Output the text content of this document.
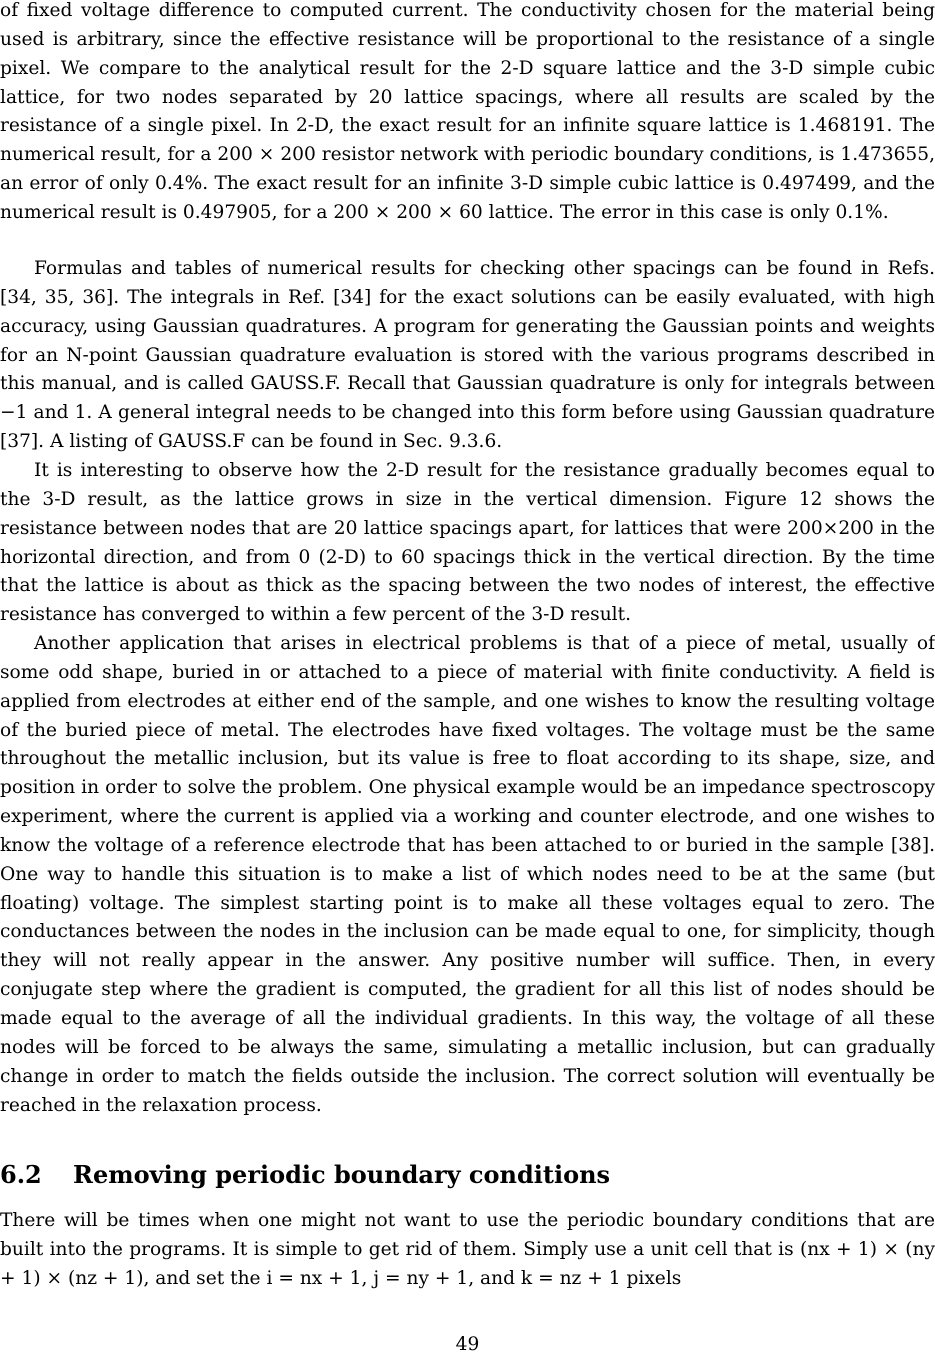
of fixed voltage difference to computed current. The conductivity chosen for the material being used is arbitrary, since the effective resistance will be proportional to the resistance of a single pixel. We compare to the analytical result for the 2-D square lattice and the 3-D simple cubic lattice, for two nodes separated by 20 lattice spacings, where all results are scaled by the resistance of a single pixel. In 2-D, the exact result for an infinite square lattice is 1.468191. The numerical result, for a 200 × 200 resistor network with periodic boundary conditions, is 1.473655, an error of only 0.4%. The exact result for an infinite 3-D simple cubic lattice is 0.497499, and the numerical result is 0.497905, for a 200 × 200 × 60 lattice. The error in this case is only 0.1%.

Formulas and tables of numerical results for checking other spacings can be found in Refs. [34, 35, 36]. The integrals in Ref. [34] for the exact solutions can be easily evaluated, with high accuracy, using Gaussian quadratures. A program for generating the Gaussian points and weights for an N-point Gaussian quadrature evaluation is stored with the various programs described in this manual, and is called GAUSS.F. Recall that Gaussian quadrature is only for integrals between −1 and 1. A general integral needs to be changed into this form before using Gaussian quadrature [37]. A listing of GAUSS.F can be found in Sec. 9.3.6.

It is interesting to observe how the 2-D result for the resistance gradually becomes equal to the 3-D result, as the lattice grows in size in the vertical dimension. Figure 12 shows the resistance between nodes that are 20 lattice spacings apart, for lattices that were 200×200 in the horizontal direction, and from 0 (2-D) to 60 spacings thick in the vertical direction. By the time that the lattice is about as thick as the spacing between the two nodes of interest, the effective resistance has converged to within a few percent of the 3-D result.

Another application that arises in electrical problems is that of a piece of metal, usually of some odd shape, buried in or attached to a piece of material with finite conductivity. A field is applied from electrodes at either end of the sample, and one wishes to know the resulting voltage of the buried piece of metal. The electrodes have fixed voltages. The voltage must be the same throughout the metallic inclusion, but its value is free to float according to its shape, size, and position in order to solve the problem. One physical example would be an impedance spectroscopy experiment, where the current is applied via a working and counter electrode, and one wishes to know the voltage of a reference electrode that has been attached to or buried in the sample [38]. One way to handle this situation is to make a list of which nodes need to be at the same (but floating) voltage. The simplest starting point is to make all these voltages equal to zero. The conductances between the nodes in the inclusion can be made equal to one, for simplicity, though they will not really appear in the answer. Any positive number will suffice. Then, in every conjugate step where the gradient is computed, the gradient for all this list of nodes should be made equal to the average of all the individual gradients. In this way, the voltage of all these nodes will be forced to be always the same, simulating a metallic inclusion, but can gradually change in order to match the fields outside the inclusion. The correct solution will eventually be reached in the relaxation process.

6.2 Removing periodic boundary conditions

There will be times when one might not want to use the periodic boundary conditions that are built into the programs. It is simple to get rid of them. Simply use a unit cell that is (nx + 1) × (ny + 1) × (nz + 1), and set the i = nx + 1, j = ny + 1, and k = nz + 1 pixels

49
